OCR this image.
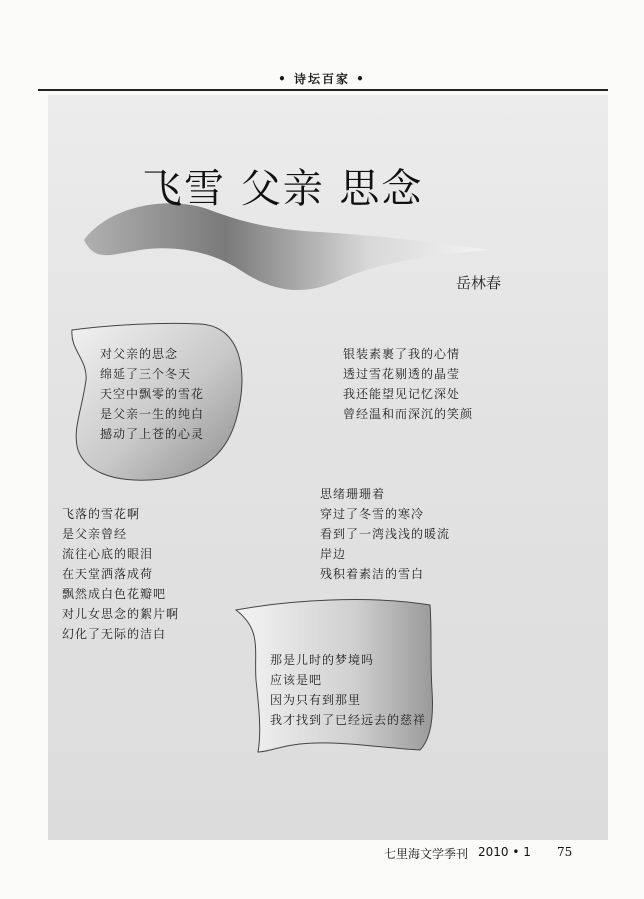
• 诗坛百家 •
飞雪 父亲 思念
岳林春
对父亲的思念
绵延了三个冬天
天空中飘零的雪花
是父亲一生的纯白
撼动了上苍的心灵
银装素裹了我的心情
透过雪花剔透的晶莹
我还能望见记忆深处
曾经温和而深沉的笑颜
飞落的雪花啊
是父亲曾经
流往心底的眼泪
在天堂洒落成荷
飘然成白色花瓣吧
对儿女思念的絮片啊
幻化了无际的洁白
思绪珊珊着
穿过了冬雪的寒冷
看到了一湾浅浅的暖流
岸边
残积着素洁的雪白
那是儿时的梦境吗
应该是吧
因为只有到那里
我才找到了已经远去的慈祥
七里海文学季刊 2010 • 1 75
